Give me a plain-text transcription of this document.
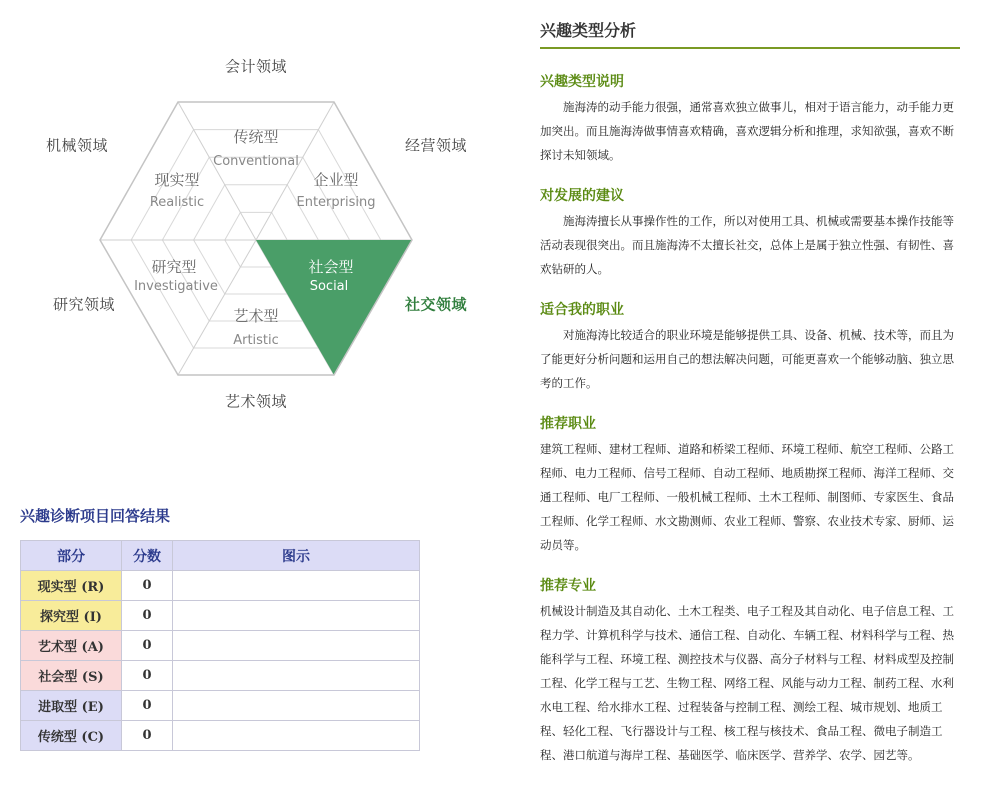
传统型
Conventional
企业型
Enterprising
社会型
Social
艺术型
Artistic
研究型
Investigative
现实型
Realistic
会计领域
经营领域
社交领域
艺术领域
研究领域
机械领域
兴趣诊断项目回答结果
部分	分数	图示
现实型 (R)	0	
探究型 (I)	0	
艺术型 (A)	0	
社会型 (S)	0	
进取型 (E)	0	
传统型 (C)	0	
兴趣类型分析
兴趣类型说明

施海涛的动手能力很强，通常喜欢独立做事儿，相对于语言能力，动手能力更加突出。而且施海涛做事情喜欢精确，喜欢逻辑分析和推理，求知欲强，喜欢不断探讨未知领域。

对发展的建议

施海涛擅长从事操作性的工作，所以对使用工具、机械或需要基本操作技能等活动表现很突出。而且施海涛不太擅长社交，总体上是属于独立性强、有韧性、喜欢钻研的人。

适合我的职业

对施海涛比较适合的职业环境是能够提供工具、设备、机械、技术等，而且为了能更好分析问题和运用自己的想法解决问题，可能更喜欢一个能够动脑、独立思考的工作。

推荐职业

建筑工程师、建材工程师、道路和桥梁工程师、环境工程师、航空工程师、公路工程师、电力工程师、信号工程师、自动工程师、地质勘探工程师、海洋工程师、交通工程师、电厂工程师、一般机械工程师、土木工程师、制图师、专家医生、食品工程师、化学工程师、水文勘测师、农业工程师、警察、农业技术专家、厨师、运动员等。

推荐专业

机械设计制造及其自动化、土木工程类、电子工程及其自动化、电子信息工程、工程力学、计算机科学与技术、通信工程、自动化、车辆工程、材料科学与工程、热能科学与工程、环境工程、测控技术与仪器、高分子材料与工程、材料成型及控制工程、化学工程与工艺、生物工程、网络工程、风能与动力工程、制药工程、水利水电工程、给水排水工程、过程装备与控制工程、测绘工程、城市规划、地质工程、轻化工程、飞行器设计与工程、核工程与核技术、食品工程、微电子制造工程、港口航道与海岸工程、基础医学、临床医学、营养学、农学、园艺等。
